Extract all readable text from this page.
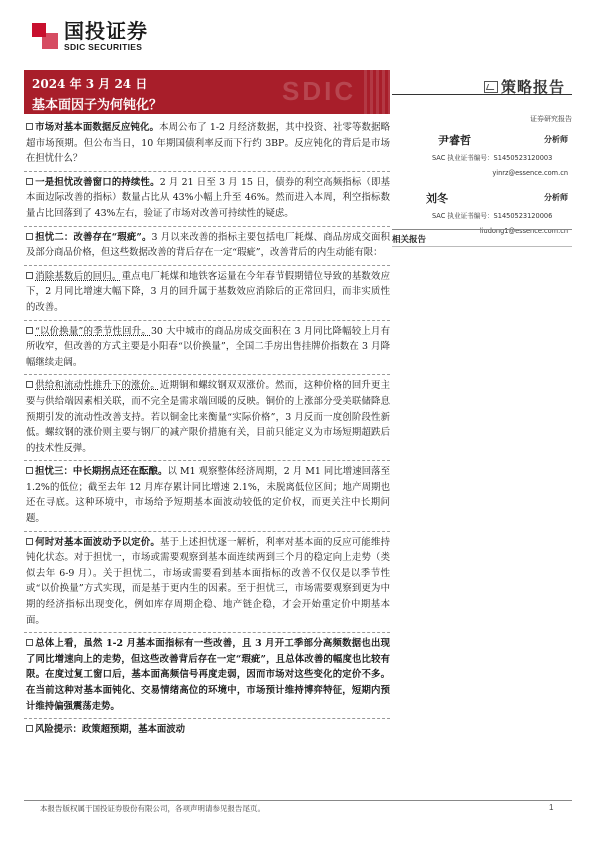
国投证券
SDIC SECURITIES
2024 年 3 月 24 日
基本面因子为何钝化？	SDIC	策略报告
证券研究报告
尹睿哲	分析师
SAC 执业证书编号：S1450523120003
yinrz@essence.com.cn
刘冬	分析师
SAC 执业证书编号：S1450523120006
liudong1@essence.com.cn
相关报告

市场对基本面数据反应钝化。本周公布了 1-2 月经济数据，其中投资、社零等数据略超市场预期。但公布当日，10 年期国债利率反而下行约 3BP。反应钝化的背后是市场在担忧什么？

一是担忧改善窗口的持续性。2 月 21 日至 3 月 15 日，债券的利空高频指标（即基本面边际改善的指标）数量占比从 43%小幅上升至 46%。然而进入本周，利空指标数量占比回落到了 43%左右，验证了市场对改善可持续性的疑虑。

担忧二：改善存在“瑕疵”。3 月以来改善的指标主要包括电厂耗煤、商品房成交面积及部分商品价格，但这些数据改善的背后存在一定“瑕疵”，改善背后的内生动能有限：

消除基数后的回归。重点电厂耗煤和地铁客运量在今年春节假期错位导致的基数效应下，2 月同比增速大幅下降，3 月的回升属于基数效应消除后的正常回归，而非实质性的改善。

“以价换量”的季节性回升。30 大中城市的商品房成交面积在 3 月同比降幅较上月有所收窄，但改善的方式主要是小阳春“以价换量”，全国二手房出售挂牌价指数在 3 月降幅继续走阔。

供给和流动性推升下的涨价。近期铜和螺纹钢双双涨价。然而，这种价格的回升更主要与供给端因素相关联，而不完全是需求端回暖的反映。铜价的上涨部分受美联储降息预期引发的流动性改善支持。若以铜金比来衡量“实际价格”，3 月反而一度创阶段性新低。螺纹钢的涨价则主要与钢厂的减产限价措施有关，目前只能定义为市场短期超跌后的技术性反弹。

担忧三：中长期拐点还在酝酿。以 M1 观察整体经济周期，2 月 M1 同比增速回落至 1.2%的低位；截至去年 12 月库存累计同比增速 2.1%，未脱离低位区间；地产周期也还在寻底。这种环境中，市场给予短期基本面波动较低的定价权，而更关注中长期问题。

何时对基本面波动予以定价。基于上述担忧逐一解析，利率对基本面的反应可能维持钝化状态。对于担忧一，市场或需要观察到基本面连续两到三个月的稳定向上走势（类似去年 6-9 月）。关于担忧二，市场或需要看到基本面指标的改善不仅仅是以季节性或“以价换量”方式实现，而是基于更内生的因素。至于担忧三，市场需要观察到更为中期的经济指标出现变化，例如库存周期企稳、地产链企稳，才会开始重定价中期基本面。

总体上看，虽然 1-2 月基本面指标有一些改善，且 3 月开工季部分高频数据也出现了同比增速向上的走势，但这些改善背后存在一定“瑕疵”，且总体改善的幅度也比较有限。在度过复工窗口后，基本面高频信号再度走弱，因而市场对这些变化的定价不多。在当前这种对基本面钝化、交易情绪高位的环境中，市场预计维持博弈特征，短期内预计维持偏强震荡走势。

风险提示：政策超预期，基本面波动

本报告版权属于国投证券股份有限公司，各项声明请参见报告尾页。	1
